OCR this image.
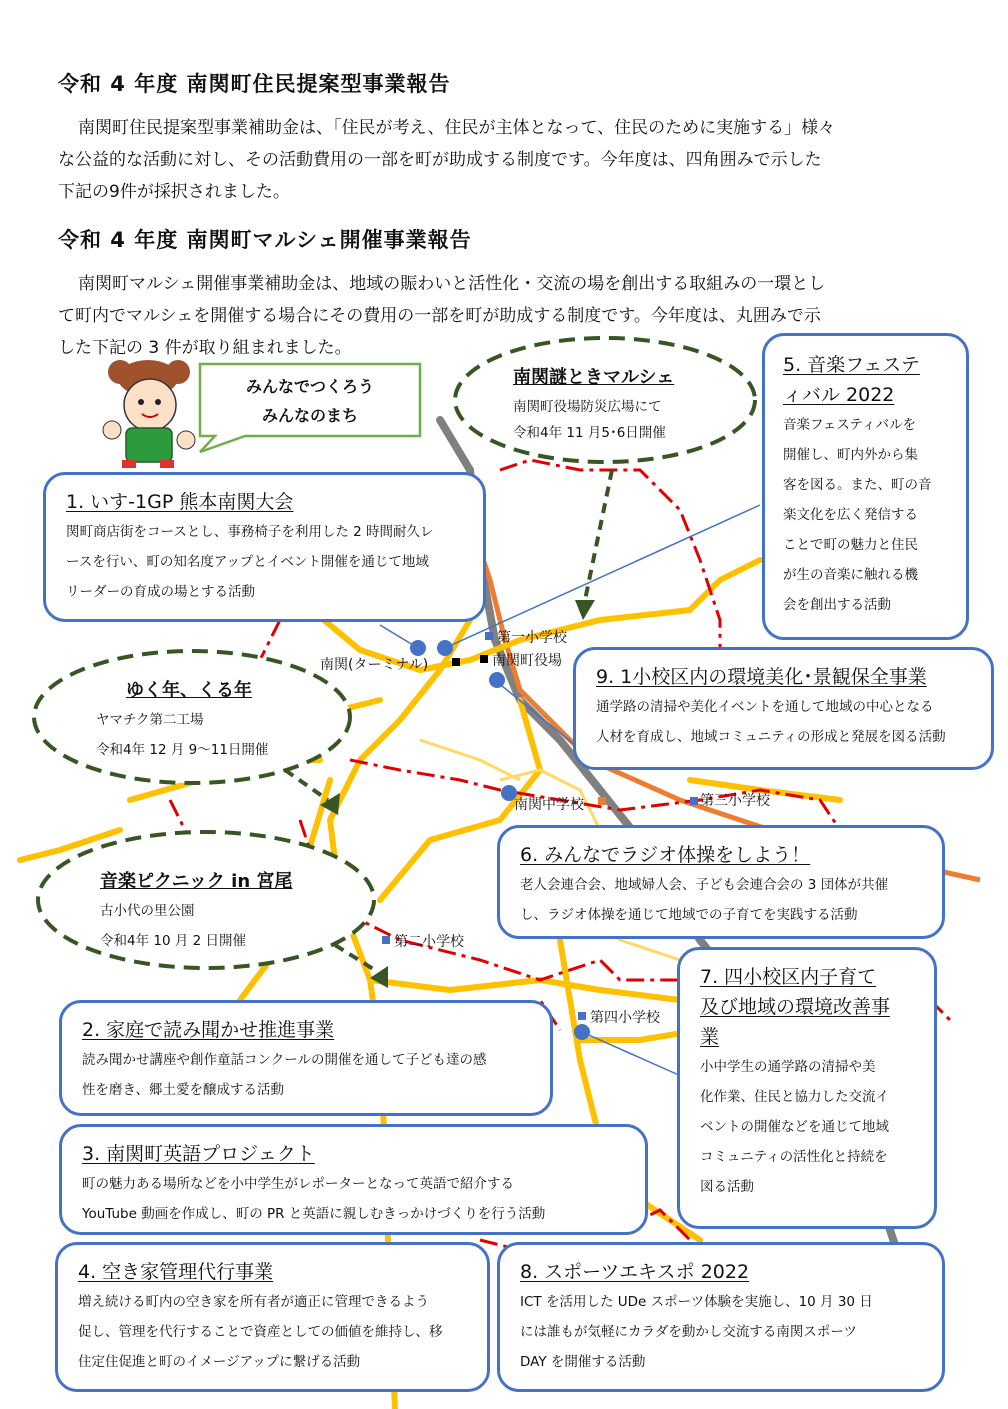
令和 4 年度 南関町住民提案型事業報告
南関町住民提案型事業補助金は、「住民が考え、住民が主体となって、住民のために実施する」様々
な公益的な活動に対し、その活動費用の一部を町が助成する制度です。今年度は、四角囲みで示した
下記の9件が採択されました。
令和 4 年度 南関町マルシェ開催事業報告
南関町マルシェ開催事業補助金は、地域の賑わいと活性化・交流の場を創出する取組みの一環とし
て町内でマルシェを開催する場合にその費用の一部を町が助成する制度です。今年度は、丸囲みで示
した下記の 3 件が取り組まれました。
みんなでつくろう
みんなのまち
南関謎ときマルシェ
南関町役場防災広場にて
令和4年 11 月5･6日開催
ゆく年、くる年
ヤマチク第二工場
令和4年 12 月 9～11日開催
音楽ピクニック in 宮尾
古小代の里公園
令和4年 10 月 2 日開催
第一小学校
南関(ターミナル)	南関町役場
南関中学校	第三小学校
第二小学校
第四小学校
1. いす-1GP 熊本南関大会
関町商店街をコースとし、事務椅子を利用した 2 時間耐久レ
ースを行い、町の知名度アップとイベント開催を通じて地域
リーダーの育成の場とする活動
5. 音楽フェステ
ィバル 2022
音楽フェスティバルを
開催し、町内外から集
客を図る。また、町の音
楽文化を広く発信する
ことで町の魅力と住民
が生の音楽に触れる機
会を創出する活動
9. 1小校区内の環境美化･景観保全事業
通学路の清掃や美化イベントを通して地域の中心となる
人材を育成し、地域コミュニティの形成と発展を図る活動
6. みんなでラジオ体操をしよう！
老人会連合会、地域婦人会、子ども会連合会の 3 団体が共催
し、ラジオ体操を通じて地域での子育てを実践する活動
7. 四小校区内子育て
及び地域の環境改善事
業
小中学生の通学路の清掃や美
化作業、住民と協力した交流イ
ベントの開催などを通じて地域
コミュニティの活性化と持続を
図る活動
2. 家庭で読み聞かせ推進事業
読み聞かせ講座や創作童話コンクールの開催を通して子ども達の感
性を磨き、郷土愛を醸成する活動
3. 南関町英語プロジェクト
町の魅力ある場所などを小中学生がレポーターとなって英語で紹介する
YouTube 動画を作成し、町の PR と英語に親しむきっかけづくりを行う活動
4. 空き家管理代行事業
増え続ける町内の空き家を所有者が適正に管理できるよう
促し、管理を代行することで資産としての価値を維持し、移
住定住促進と町のイメージアップに繋げる活動
8. スポーツエキスポ 2022
ICT を活用した UDe スポーツ体験を実施し、10 月 30 日
には誰もが気軽にカラダを動かし交流する南関スポーツ
DAY を開催する活動
